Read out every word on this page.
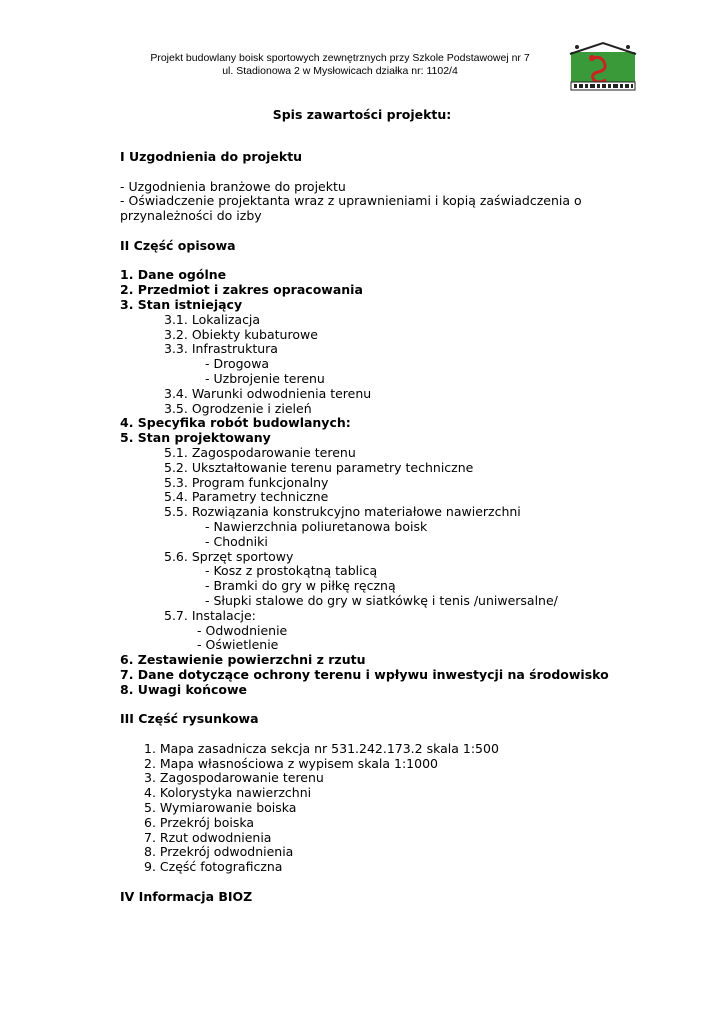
Projekt budowlany boisk sportowych zewnętrznych przy Szkole Podstawowej nr 7
ul. Stadionowa 2 w Mysłowicach działka nr: 1102/4
Spis zawartości projektu:

I Uzgodnienia do projektu

- Uzgodnienia branżowe do projektu

- Oświadczenie projektanta wraz z uprawnieniami i kopią zaświadczenia o przynależności do izby

II Część opisowa

1. Dane ogólne

2. Przedmiot i zakres opracowania

3. Stan istniejący

3.1. Lokalizacja

3.2. Obiekty kubaturowe

3.3. Infrastruktura

- Drogowa

- Uzbrojenie terenu

3.4. Warunki odwodnienia terenu

3.5. Ogrodzenie i zieleń

4. Specyfika robót budowlanych:

5. Stan projektowany

5.1. Zagospodarowanie terenu

5.2. Ukształtowanie terenu parametry techniczne

5.3. Program funkcjonalny

5.4. Parametry techniczne

5.5. Rozwiązania konstrukcyjno materiałowe nawierzchni

- Nawierzchnia poliuretanowa boisk

- Chodniki

5.6. Sprzęt sportowy

- Kosz z prostokątną tablicą

- Bramki do gry w piłkę ręczną

- Słupki stalowe do gry w siatkówkę i tenis /uniwersalne/

5.7. Instalacje:

- Odwodnienie

- Oświetlenie

6. Zestawienie powierzchni z rzutu

7. Dane dotyczące ochrony terenu i wpływu inwestycji na środowisko

8. Uwagi końcowe

III Część rysunkowa

1. Mapa zasadnicza sekcja nr 531.242.173.2 skala 1:500
2. Mapa własnościowa z wypisem skala 1:1000
3. Zagospodarowanie terenu
4. Kolorystyka nawierzchni
5. Wymiarowanie boiska
6. Przekrój boiska
7. Rzut odwodnienia
8. Przekrój odwodnienia
9. Część fotograficzna

IV Informacja BIOZ
